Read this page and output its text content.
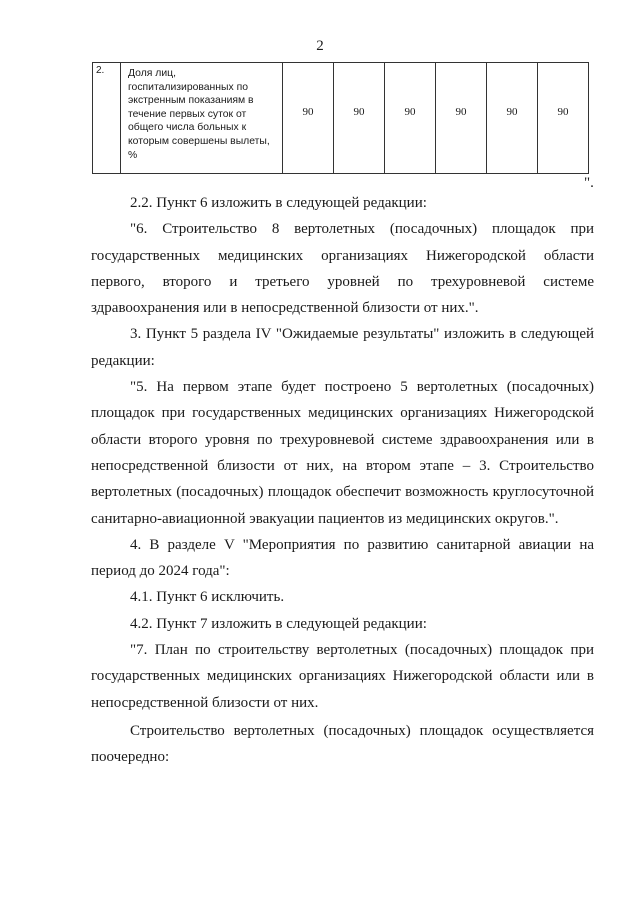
2
2.	Доля лиц, госпитализированных по экстренным показаниям в течение первых суток от общего числа больных к которым совершены вылеты, %	90	90	90	90	90	90
".

2.2. Пункт 6 изложить в следующей редакции:

"6. Строительство 8 вертолетных (посадочных) площадок при государственных медицинских организациях Нижегородской области первого, второго и третьего уровней по трехуровневой системе здравоохранения или в непосредственной близости от них.".

3. Пункт 5 раздела IV "Ожидаемые результаты" изложить в следующей редакции:

"5. На первом этапе будет построено 5 вертолетных (посадочных) площадок при государственных медицинских организациях Нижегородской области второго уровня по трехуровневой системе здравоохранения или в непосредственной близости от них, на втором этапе – 3. Строительство вертолетных (посадочных) площадок обеспечит возможность круглосуточной санитарно-авиационной эвакуации пациентов из медицинских округов.".

4. В разделе V "Мероприятия по развитию санитарной авиации на период до 2024 года":

4.1. Пункт 6 исключить.

4.2. Пункт 7 изложить в следующей редакции:

"7. План по строительству вертолетных (посадочных) площадок при государственных медицинских организациях Нижегородской области или в непосредственной близости от них.

Строительство вертолетных (посадочных) площадок осуществляется поочередно:
